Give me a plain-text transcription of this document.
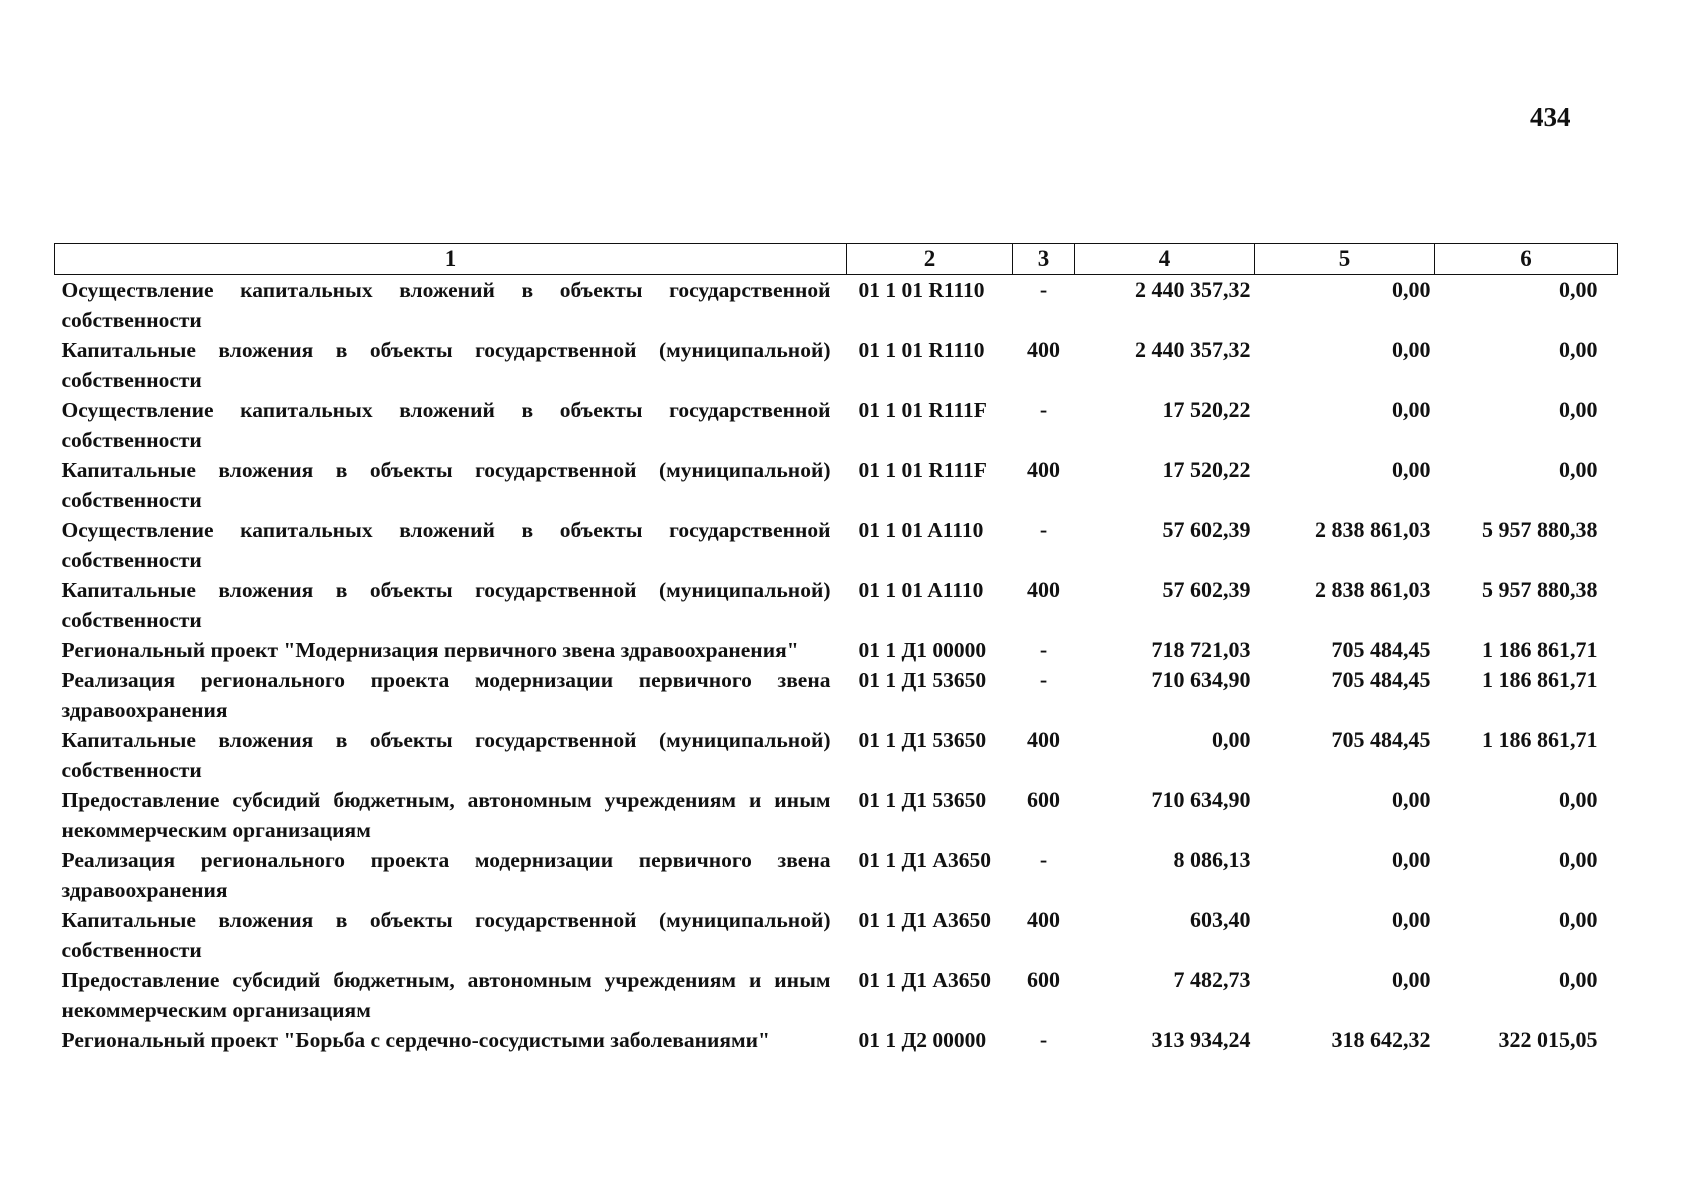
434
1	2	3	4	5	6
Осуществление капитальных вложений в объекты государственной собственности	01 1 01 R1110	-	2 440 357,32	0,00	0,00
Капитальные вложения в объекты государственной (муниципальной) собственности	01 1 01 R1110	400	2 440 357,32	0,00	0,00
Осуществление капитальных вложений в объекты государственной собственности	01 1 01 R111F	-	17 520,22	0,00	0,00
Капитальные вложения в объекты государственной (муниципальной) собственности	01 1 01 R111F	400	17 520,22	0,00	0,00
Осуществление капитальных вложений в объекты государственной собственности	01 1 01 A1110	-	57 602,39	2 838 861,03	5 957 880,38
Капитальные вложения в объекты государственной (муниципальной) собственности	01 1 01 A1110	400	57 602,39	2 838 861,03	5 957 880,38
Региональный проект "Модернизация первичного звена здравоохранения"	01 1 Д1 00000	-	718 721,03	705 484,45	1 186 861,71
Реализация регионального проекта модернизации первичного звена здравоохранения	01 1 Д1 53650	-	710 634,90	705 484,45	1 186 861,71
Капитальные вложения в объекты государственной (муниципальной) собственности	01 1 Д1 53650	400	0,00	705 484,45	1 186 861,71
Предоставление субсидий бюджетным, автономным учреждениям и иным некоммерческим организациям	01 1 Д1 53650	600	710 634,90	0,00	0,00
Реализация регионального проекта модернизации первичного звена здравоохранения	01 1 Д1 A3650	-	8 086,13	0,00	0,00
Капитальные вложения в объекты государственной (муниципальной) собственности	01 1 Д1 A3650	400	603,40	0,00	0,00
Предоставление субсидий бюджетным, автономным учреждениям и иным некоммерческим организациям	01 1 Д1 A3650	600	7 482,73	0,00	0,00
Региональный проект "Борьба с сердечно-сосудистыми заболеваниями"	01 1 Д2 00000	-	313 934,24	318 642,32	322 015,05
